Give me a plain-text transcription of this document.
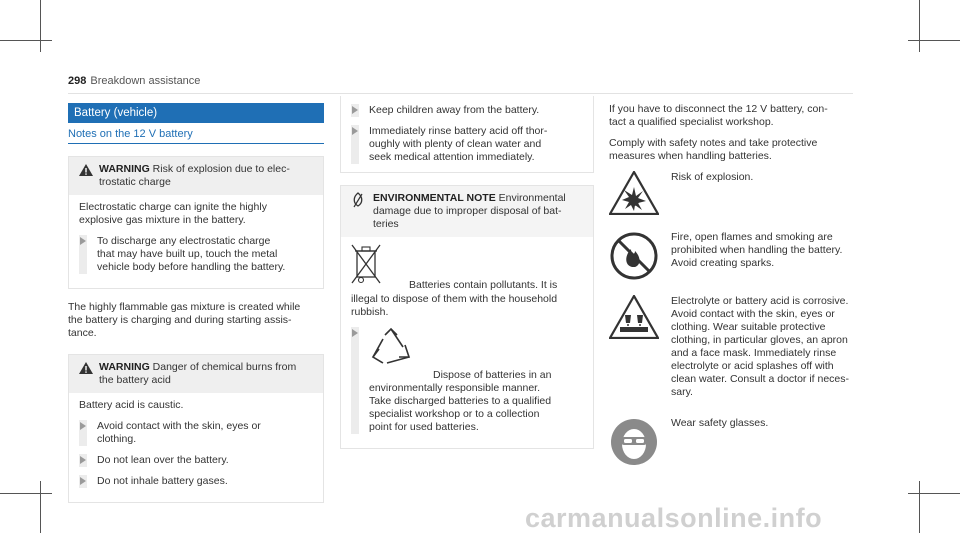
298 Breakdown assistance
Battery (vehicle)
Notes on the 12 V battery
WARNING Risk of explosion due to elec-
trostatic charge
Electrostatic charge can ignite the highly
explosive gas mixture in the battery.
To discharge any electrostatic charge
that may have built up, touch the metal
vehicle body before handling the battery.
The highly flammable gas mixture is created while
the battery is charging and during starting assis-
tance.
WARNING Danger of chemical burns from
the battery acid
Battery acid is caustic.
Avoid contact with the skin, eyes or
clothing.
Do not lean over the battery.
Do not inhale battery gases.
Keep children away from the battery.
Immediately rinse battery acid off thor-
oughly with plenty of clean water and
seek medical attention immediately.
ENVIRONMENTAL NOTE Environmental
damage due to improper disposal of bat-
teries
Batteries contain pollutants. It is
illegal to dispose of them with the household
rubbish.
Dispose of batteries in an
environmentally responsible manner.
Take discharged batteries to a qualified
specialist workshop or to a collection
point for used batteries.
If you have to disconnect the 12 V battery, con-
tact a qualified specialist workshop.
Comply with safety notes and take protective
measures when handling batteries.
Risk of explosion.
Fire, open flames and smoking are
prohibited when handling the battery.
Avoid creating sparks.
Electrolyte or battery acid is corrosive.
Avoid contact with the skin, eyes or
clothing. Wear suitable protective
clothing, in particular gloves, an apron
and a face mask. Immediately rinse
electrolyte or acid splashes off with
clean water. Consult a doctor if neces-
sary.
Wear safety glasses.
carmanualsonline.info
